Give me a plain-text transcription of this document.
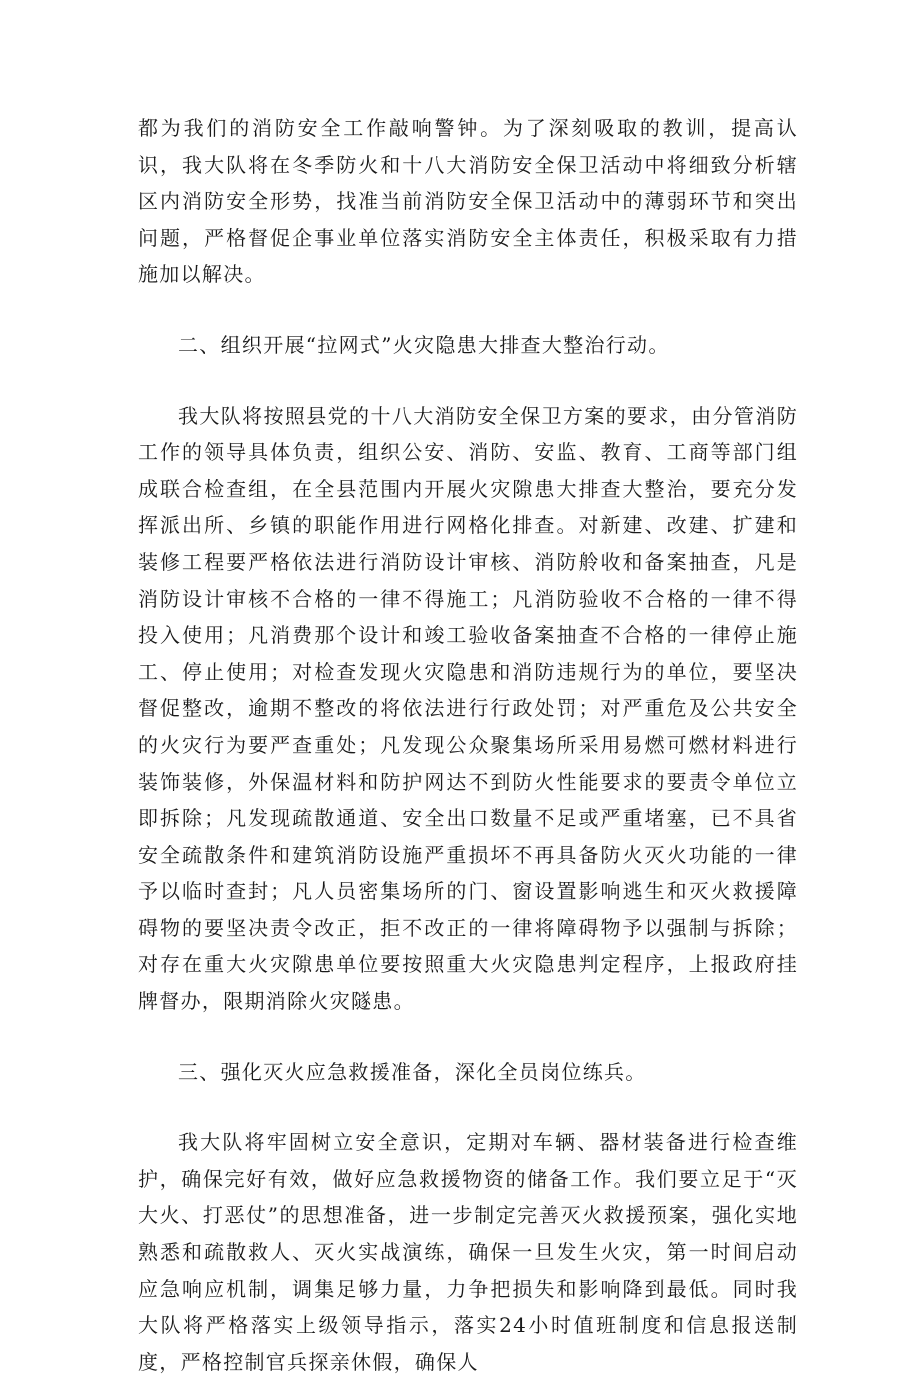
都为我们的消防安全工作敲响警钟。为了深刻吸取的教训，提高认识，我大队将在冬季防火和十八大消防安全保卫活动中将细致分析辖区内消防安全形势，找准当前消防安全保卫活动中的薄弱环节和突出问题，严格督促企事业单位落实消防安全主体责任，积极采取有力措施加以解决。

二、组织开展“拉网式”火灾隐患大排查大整治行动。

我大队将按照县党的十八大消防安全保卫方案的要求，由分管消防工作的领导具体负责，组织公安、消防、安监、教育、工商等部门组成联合检查组，在全县范围内开展火灾隙患大排查大整治，要充分发挥派出所、乡镇的职能作用进行网格化排查。对新建、改建、扩建和装修工程要严格依法进行消防设计审核、消防舲收和备案抽查，凡是消防设计审核不合格的一律不得施工；凡消防验收不合格的一律不得投入使用；凡消费那个设计和竣工验收备案抽查不合格的一律停止施工、停止使用；对检查发现火灾隐患和消防违规行为的单位，要坚决督促整改，逾期不整改的将依法进行行政处罚；对严重危及公共安全的火灾行为要严查重处；凡发现公众聚集场所采用易燃可燃材料进行装饰装修，外保温材料和防护网达不到防火性能要求的要责令单位立即拆除；凡发现疏散通道、安全出口数量不足或严重堵塞，已不具省安全疏散条件和建筑消防设施严重损坏不再具备防火灭火功能的一律予以临时查封；凡人员密集场所的门、窗设置影响逃生和灭火救援障碍物的要坚决责令改正，拒不改正的一律将障碍物予以强制与拆除；对存在重大火灾隙患单位要按照重大火灾隐患判定程序，上报政府挂牌督办，限期消除火灾隧患。

三、强化灭火应急救援准备，深化全员岗位练兵。

我大队将牢固树立安全意识，定期对车辆、器材装备进行检查维护，确保完好有效，做好应急救援物资的储备工作。我们要立足于“灭大火、打恶仗”的思想准备，进一步制定完善灭火救援预案，强化实地熟悉和疏散救人、灭火实战演练，确保一旦发生火灾，第一时间启动应急响应机制，调集足够力量，力争把损失和影响降到最低。同时我大队将严格落实上级领导指示，落实24小时值班制度和信息报送制度，严格控制官兵探亲休假，确保人
